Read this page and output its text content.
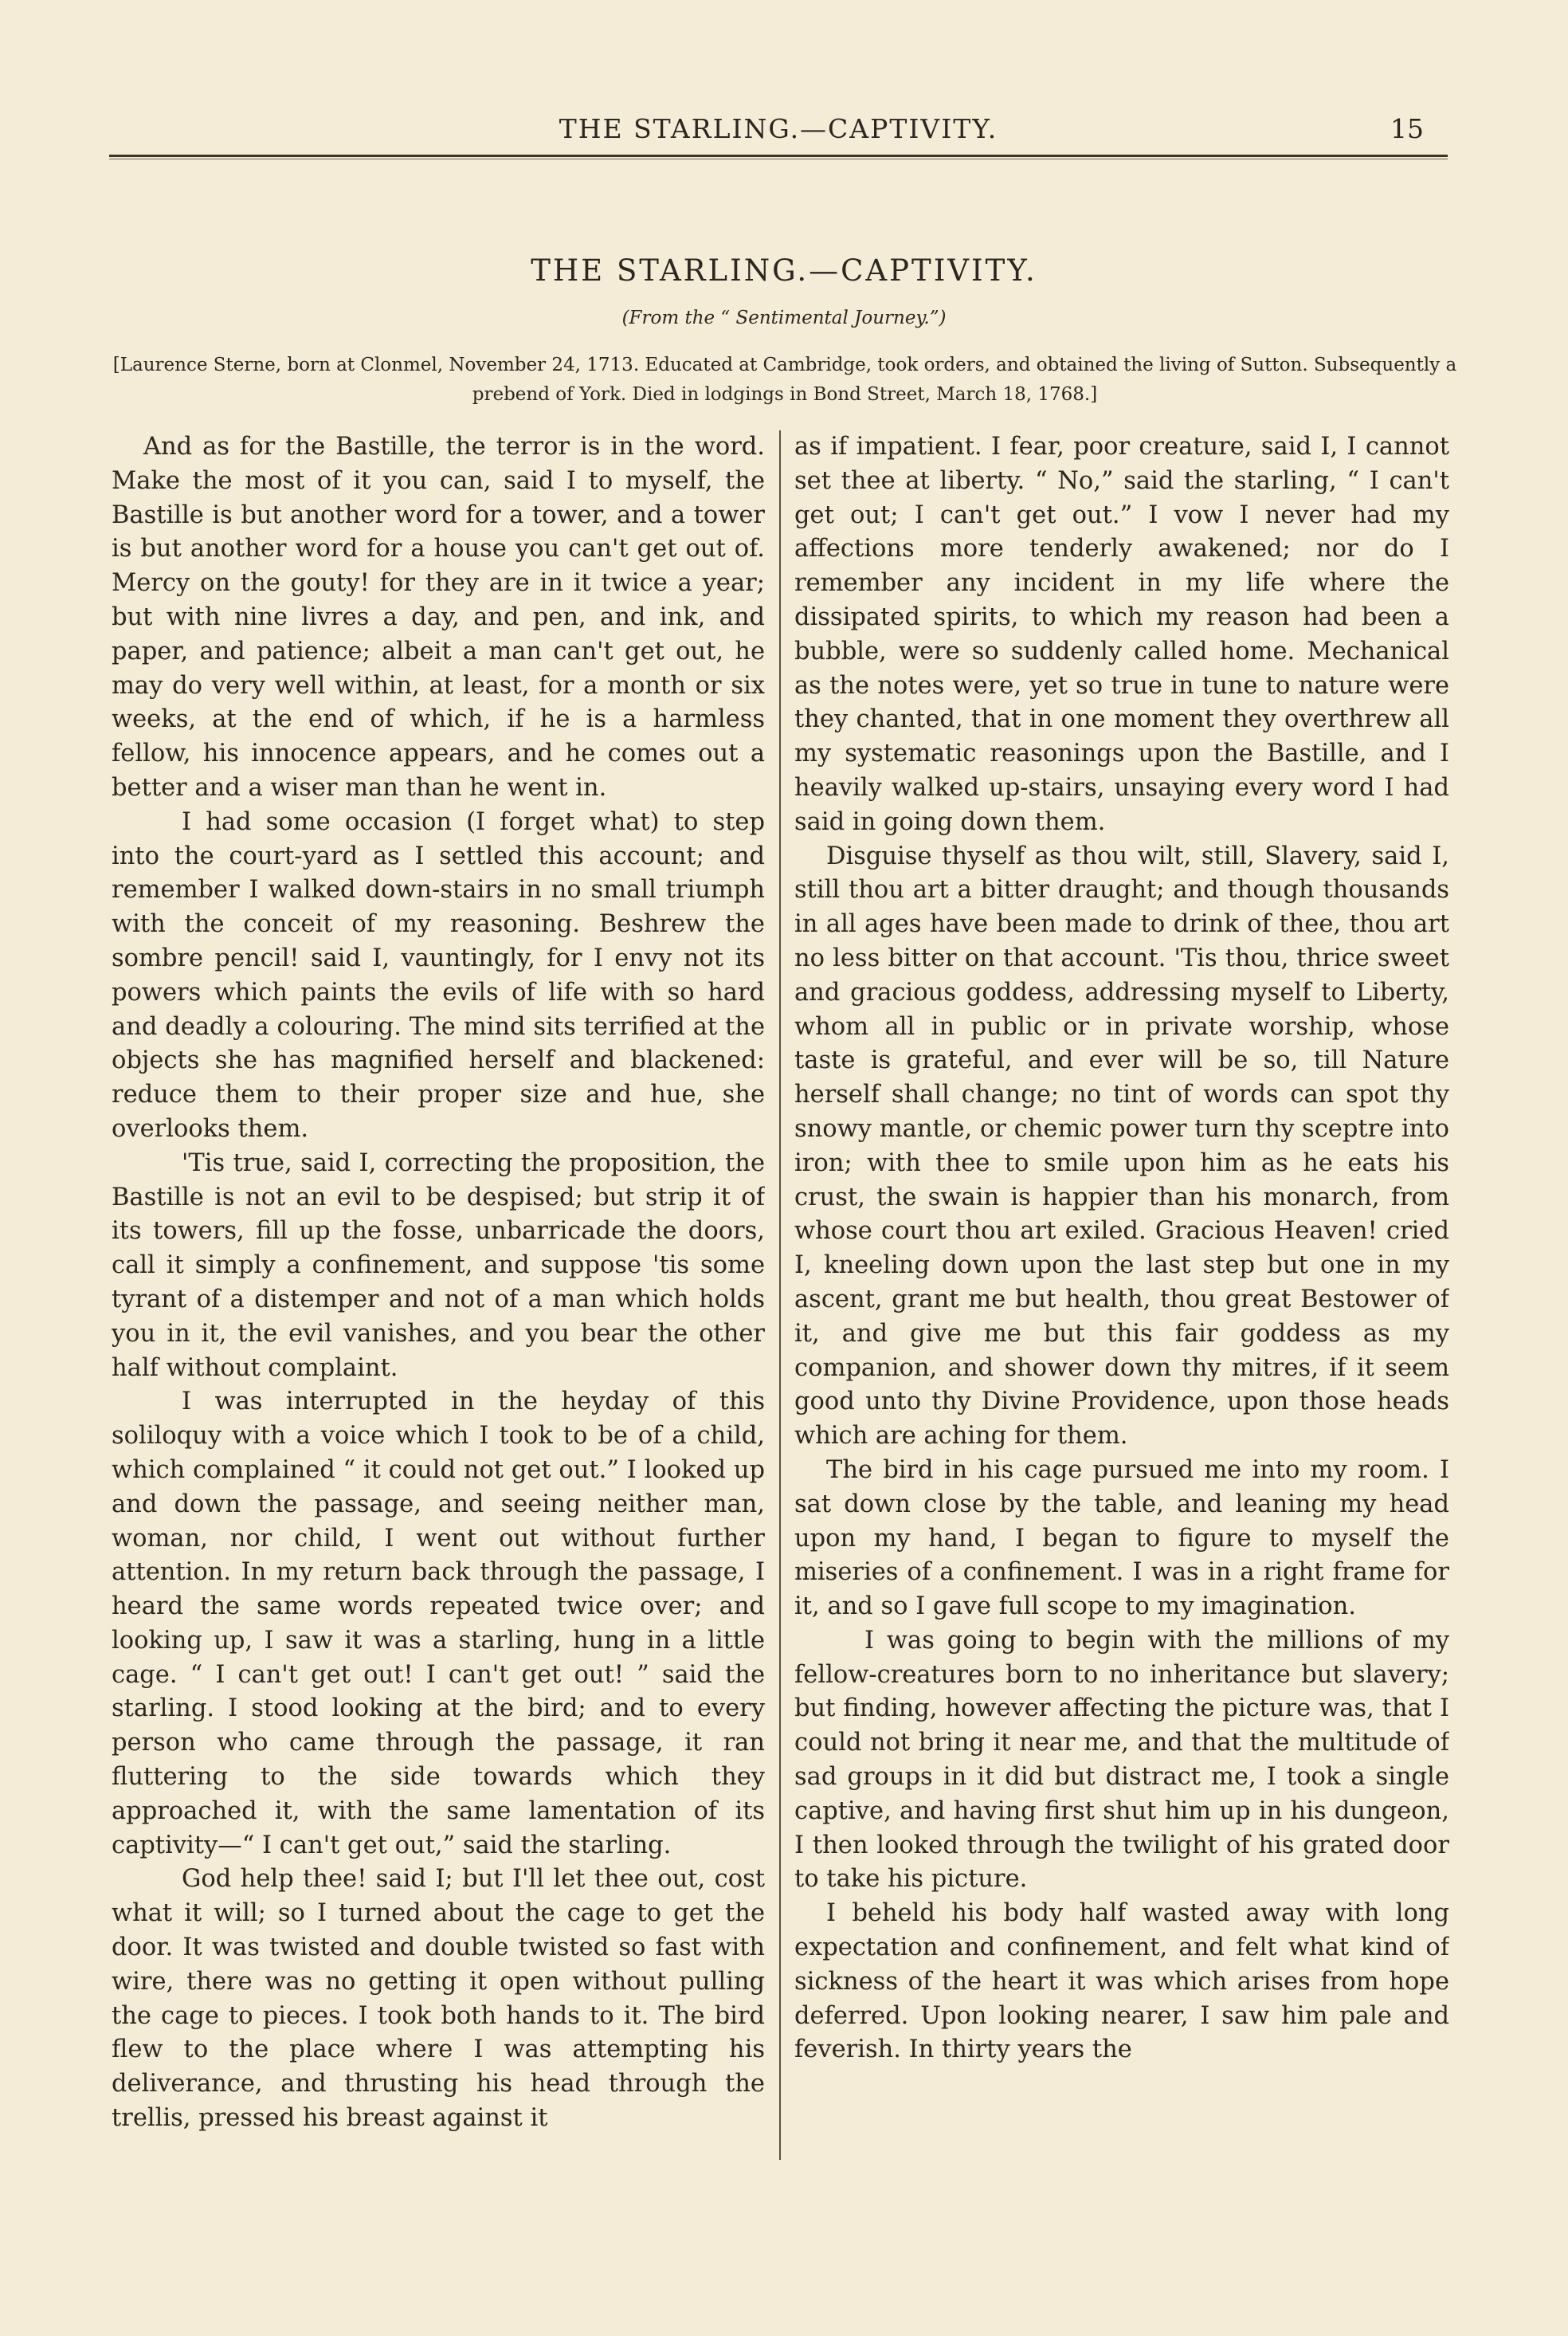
THE STARLING.—CAPTIVITY.	15
THE STARLING.—CAPTIVITY.
(From the “ Sentimental Journey.”)
[Laurence Sterne, born at Clonmel, November 24, 1713. Educated at Cambridge, took orders, and obtained the living of Sutton. Subsequently a prebend of York. Died in lodgings in Bond Street, March 18, 1768.]

And as for the Bastille, the terror is in the word. Make the most of it you can, said I to myself, the Bastille is but another word for a tower, and a tower is but another word for a house you can't get out of. Mercy on the gouty! for they are in it twice a year; but with nine livres a day, and pen, and ink, and paper, and patience; albeit a man can't get out, he may do very well within, at least, for a month or six weeks, at the end of which, if he is a harmless fellow, his innocence appears, and he comes out a better and a wiser man than he went in.

I had some occasion (I forget what) to step into the court-yard as I settled this account; and remember I walked down-stairs in no small triumph with the conceit of my reasoning. Beshrew the sombre pencil! said I, vauntingly, for I envy not its powers which paints the evils of life with so hard and deadly a colouring. The mind sits terrified at the objects she has magnified herself and blackened: reduce them to their proper size and hue, she overlooks them.

'Tis true, said I, correcting the proposition, the Bastille is not an evil to be despised; but strip it of its towers, fill up the fosse, unbarricade the doors, call it simply a confinement, and suppose 'tis some tyrant of a distemper and not of a man which holds you in it, the evil vanishes, and you bear the other half without complaint.

I was interrupted in the heyday of this soliloquy with a voice which I took to be of a child, which complained “ it could not get out.” I looked up and down the passage, and seeing neither man, woman, nor child, I went out without further attention. In my return back through the passage, I heard the same words repeated twice over; and looking up, I saw it was a starling, hung in a little cage. “ I can't get out! I can't get out! ” said the starling. I stood looking at the bird; and to every person who came through the passage, it ran fluttering to the side towards which they approached it, with the same lamentation of its captivity—“ I can't get out,” said the starling.

God help thee! said I; but I'll let thee out, cost what it will; so I turned about the cage to get the door. It was twisted and double twisted so fast with wire, there was no getting it open without pulling the cage to pieces. I took both hands to it. The bird flew to the place where I was attempting his deliverance, and thrusting his head through the trellis, pressed his breast against it

as if impatient. I fear, poor creature, said I, I cannot set thee at liberty. “ No,” said the starling, “ I can't get out; I can't get out.” I vow I never had my affections more tenderly awakened; nor do I remember any incident in my life where the dissipated spirits, to which my reason had been a bubble, were so suddenly called home. Mechanical as the notes were, yet so true in tune to nature were they chanted, that in one moment they overthrew all my systematic reasonings upon the Bastille, and I heavily walked up-stairs, unsaying every word I had said in going down them.

Disguise thyself as thou wilt, still, Slavery, said I, still thou art a bitter draught; and though thousands in all ages have been made to drink of thee, thou art no less bitter on that account. 'Tis thou, thrice sweet and gracious goddess, addressing myself to Liberty, whom all in public or in private worship, whose taste is grateful, and ever will be so, till Nature herself shall change; no tint of words can spot thy snowy mantle, or chemic power turn thy sceptre into iron; with thee to smile upon him as he eats his crust, the swain is happier than his monarch, from whose court thou art exiled. Gracious Heaven! cried I, kneeling down upon the last step but one in my ascent, grant me but health, thou great Bestower of it, and give me but this fair goddess as my companion, and shower down thy mitres, if it seem good unto thy Divine Providence, upon those heads which are aching for them.

The bird in his cage pursued me into my room. I sat down close by the table, and leaning my head upon my hand, I began to figure to myself the miseries of a confinement. I was in a right frame for it, and so I gave full scope to my imagination.

I was going to begin with the millions of my fellow-creatures born to no inheritance but slavery; but finding, however affecting the picture was, that I could not bring it near me, and that the multitude of sad groups in it did but distract me, I took a single captive, and having first shut him up in his dungeon, I then looked through the twilight of his grated door to take his picture.

I beheld his body half wasted away with long expectation and confinement, and felt what kind of sickness of the heart it was which arises from hope deferred. Upon looking nearer, I saw him pale and feverish. In thirty years the
